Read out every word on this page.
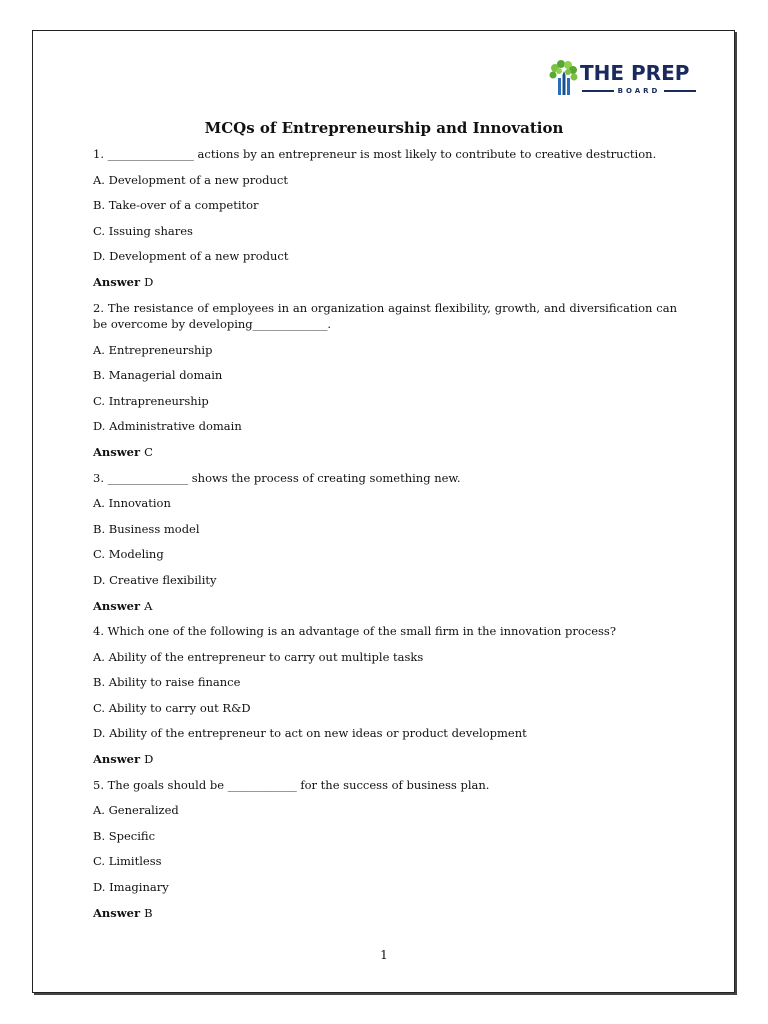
THE PREP
BOARD
MCQs of Entrepreneurship and Innovation
1. _______________ actions by an entrepreneur is most likely to contribute to creative destruction.
A. Development of a new product
B. Take-over of a competitor
C. Issuing shares
D. Development of a new product
Answer D
2. The resistance of employees in an organization against flexibility, growth, and diversification can be overcome by developing_____________.
A. Entrepreneurship
B. Managerial domain
C. Intrapreneurship
D. Administrative domain
Answer C
3. ______________ shows the process of creating something new.
A. Innovation
B. Business model
C. Modeling
D. Creative flexibility
Answer A
4. Which one of the following is an advantage of the small firm in the innovation process?
A. Ability of the entrepreneur to carry out multiple tasks
B. Ability to raise finance
C. Ability to carry out R&D
D. Ability of the entrepreneur to act on new ideas or product development
Answer D
5. The goals should be ____________ for the success of business plan.
A. Generalized
B. Specific
C. Limitless
D. Imaginary
Answer B
1
